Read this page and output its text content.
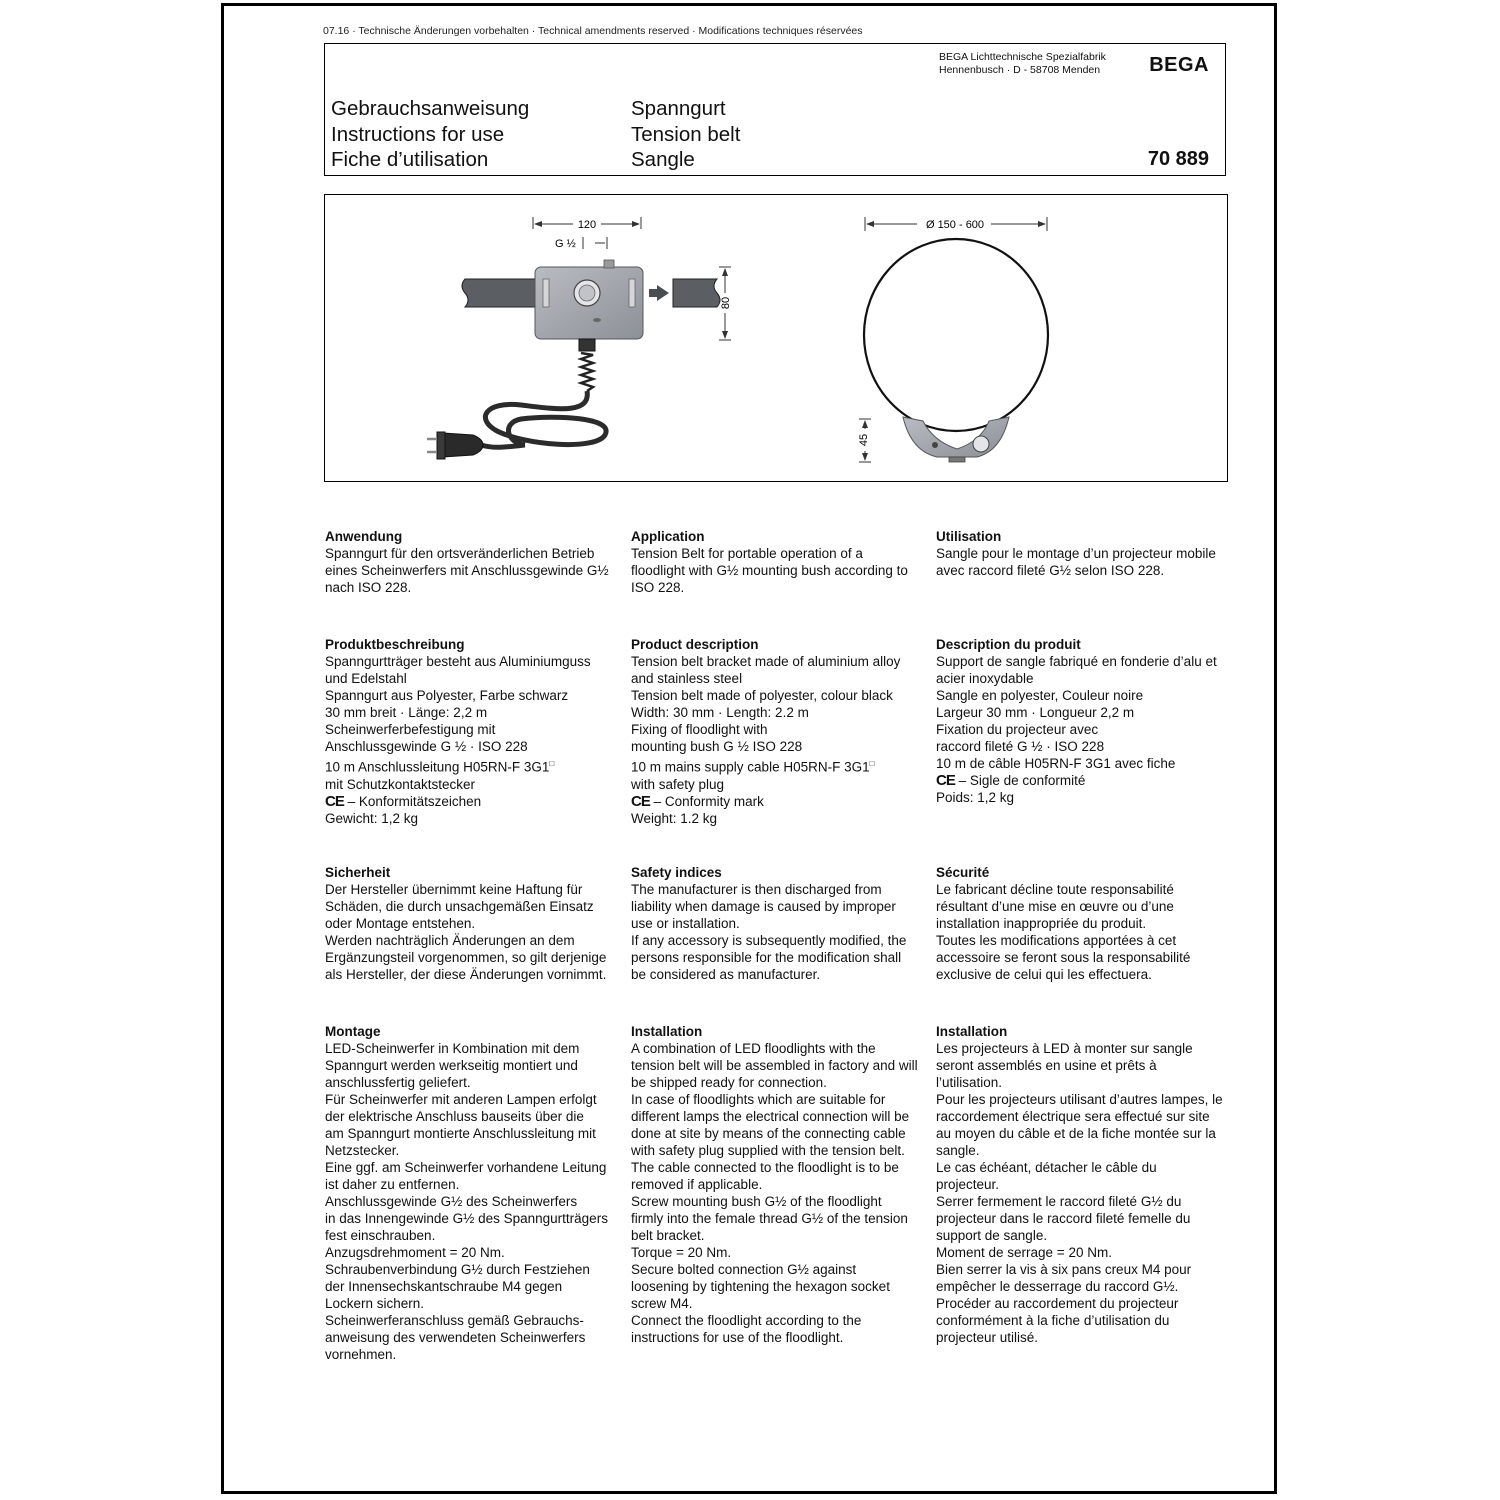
07.16 · Technische Änderungen vorbehalten · Technical amendments reserved · Modifications techniques réservées
BEGA Lichttechnische Spezialfabrik
Hennenbusch · D - 58708 Menden BEGA
Gebrauchsanweisung
Instructions for use
Fiche d’utilisation
Spanngurt
Tension belt
Sangle	70 889
120
G ½
80
Ø 150 - 600
45
Anwendung
Spanngurt für den ortsveränderlichen Betrieb
eines Scheinwerfers mit Anschlussgewinde G½
nach ISO 228.
Produktbeschreibung
Spanngurtträger besteht aus Aluminiumguss
und Edelstahl
Spanngurt aus Polyester, Farbe schwarz
30 mm breit · Länge: 2,2 m
Scheinwerferbefestigung mit
Anschlussgewinde G ½ · ISO 228
10 m Anschlussleitung H05RN-F 3G1□
mit Schutzkontaktstecker
CE – Konformitätszeichen
Gewicht: 1,2 kg
Sicherheit
Der Hersteller übernimmt keine Haftung für
Schäden, die durch unsachgemäßen Einsatz
oder Montage entstehen.
Werden nachträglich Änderungen an dem
Ergänzungsteil vorgenommen, so gilt derjenige
als Hersteller, der diese Änderungen vornimmt.
Montage
LED-Scheinwerfer in Kombination mit dem
Spanngurt werden werkseitig montiert und
anschlussfertig geliefert.
Für Scheinwerfer mit anderen Lampen erfolgt
der elektrische Anschluss bauseits über die
am Spanngurt montierte Anschlussleitung mit
Netzstecker.
Eine ggf. am Scheinwerfer vorhandene Leitung
ist daher zu entfernen.
Anschlussgewinde G½ des Scheinwerfers
in das Innengewinde G½ des Spanngurtträgers
fest einschrauben.
Anzugsdrehmoment = 20 Nm.
Schraubenverbindung G½ durch Festziehen
der Innensechskantschraube M4 gegen
Lockern sichern.
Scheinwerferanschluss gemäß Gebrauchs-
anweisung des verwendeten Scheinwerfers
vornehmen.
Application
Tension Belt for portable operation of a
floodlight with G½ mounting bush according to
ISO 228.
Product description
Tension belt bracket made of aluminium alloy
and stainless steel
Tension belt made of polyester, colour black
Width: 30 mm · Length: 2.2 m
Fixing of floodlight with
mounting bush G ½ ISO 228
10 m mains supply cable H05RN-F 3G1□
with safety plug
CE – Conformity mark
Weight: 1.2 kg
Safety indices
The manufacturer is then discharged from
liability when damage is caused by improper
use or installation.
If any accessory is subsequently modified, the
persons responsible for the modification shall
be considered as manufacturer.
Installation
A combination of LED floodlights with the
tension belt will be assembled in factory and will
be shipped ready for connection.
In case of floodlights which are suitable for
different lamps the electrical connection will be
done at site by means of the connecting cable
with safety plug supplied with the tension belt.
The cable connected to the floodlight is to be
removed if applicable.
Screw mounting bush G½ of the floodlight
firmly into the female thread G½ of the tension
belt bracket.
Torque = 20 Nm.
Secure bolted connection G½ against
loosening by tightening the hexagon socket
screw M4.
Connect the floodlight according to the
instructions for use of the floodlight.
Utilisation
Sangle pour le montage d’un projecteur mobile
avec raccord fileté G½ selon ISO 228.
Description du produit
Support de sangle fabriqué en fonderie d’alu et
acier inoxydable
Sangle en polyester, Couleur noire
Largeur 30 mm · Longueur 2,2 m
Fixation du projecteur avec
raccord fileté G ½ · ISO 228
10 m de câble H05RN-F 3G1 avec fiche
CE – Sigle de conformité
Poids: 1,2 kg
Sécurité
Le fabricant décline toute responsabilité
résultant d’une mise en œuvre ou d’une
installation inappropriée du produit.
Toutes les modifications apportées à cet
accessoire se feront sous la responsabilité
exclusive de celui qui les effectuera.
Installation
Les projecteurs à LED à monter sur sangle
seront assemblés en usine et prêts à
l’utilisation.
Pour les projecteurs utilisant d’autres lampes, le
raccordement électrique sera effectué sur site
au moyen du câble et de la fiche montée sur la
sangle.
Le cas échéant, détacher le câble du
projecteur.
Serrer fermement le raccord fileté G½ du
projecteur dans le raccord fileté femelle du
support de sangle.
Moment de serrage = 20 Nm.
Bien serrer la vis à six pans creux M4 pour
empêcher le desserrage du raccord G½.
Procéder au raccordement du projecteur
conformément à la fiche d’utilisation du
projecteur utilisé.
